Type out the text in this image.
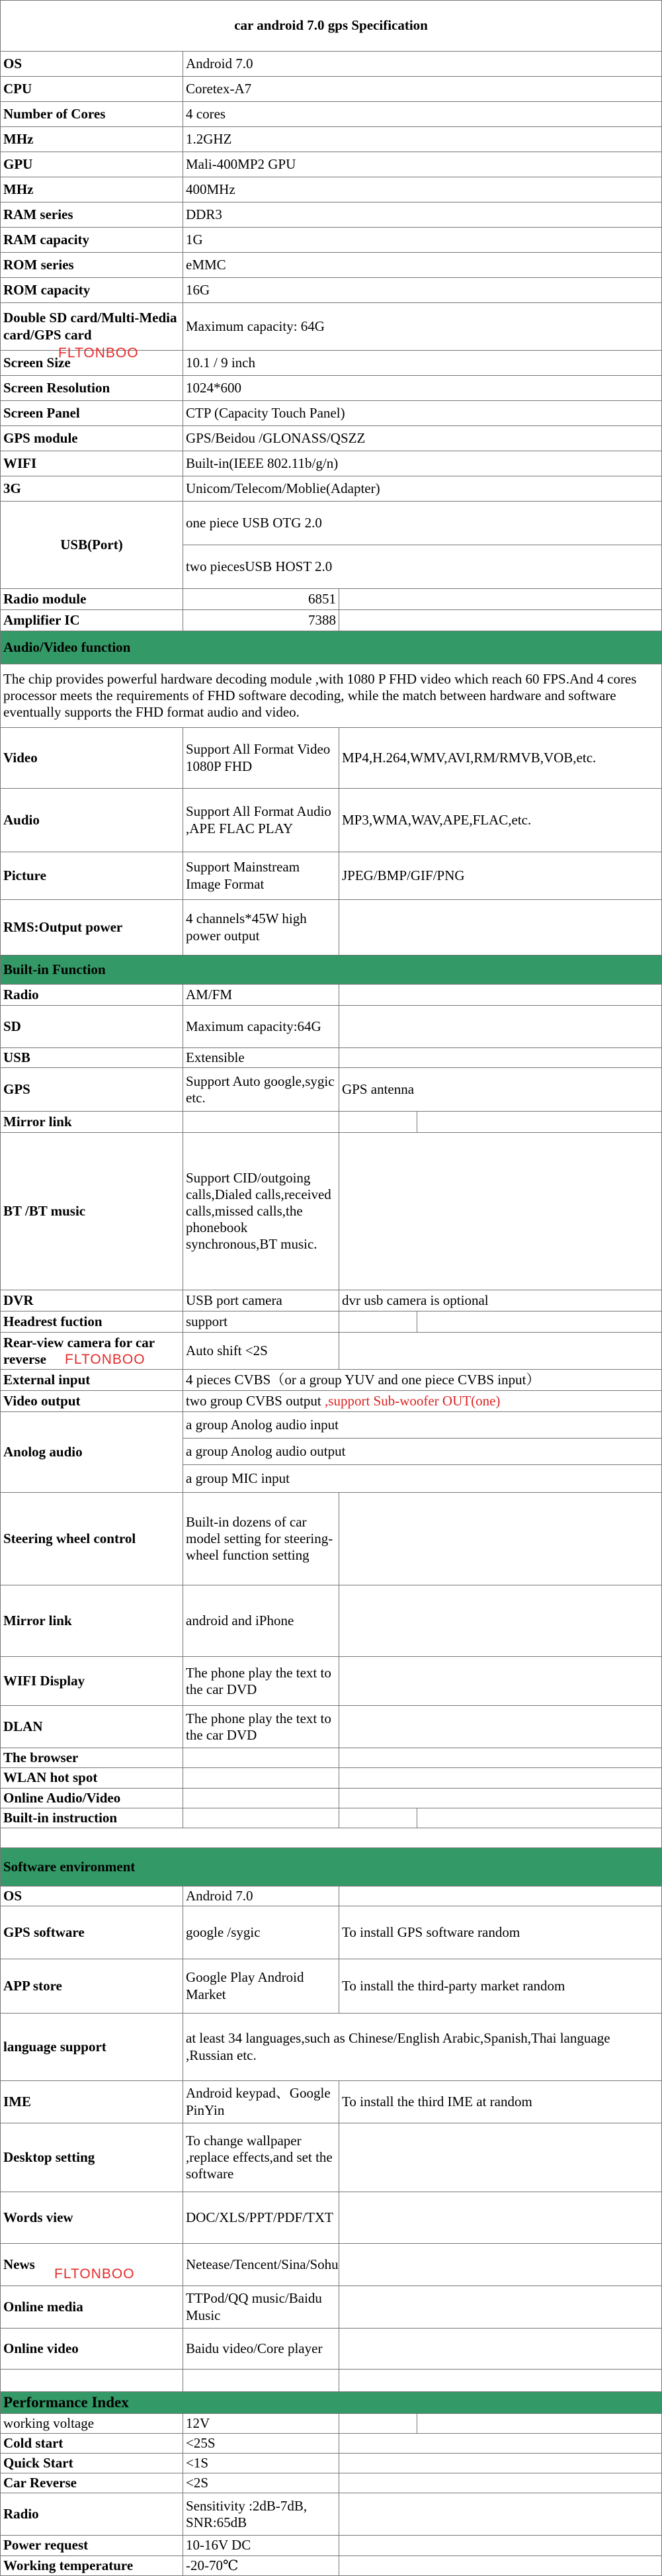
car android 7.0 gps Specification			
OS	Android 7.0		
CPU	Coretex-A7		
Number of Cores	4 cores		
MHz	1.2GHZ		
GPU	Mali-400MP2 GPU		
MHz	400MHz		
RAM series	DDR3		
RAM capacity	1G		
ROM series	eMMC		
ROM capacity	16G		
Double SD card/Multi-Media card/GPS card	Maximum capacity: 64G		
Screen Size	10.1 / 9 inch		
Screen Resolution	1024*600		
Screen Panel	CTP (Capacity Touch Panel)		
GPS module	GPS/Beidou /GLONASS/QSZZ		
WIFI	Built-in(IEEE 802.11b/g/n)		
3G	Unicom/Telecom/Moblie(Adapter)		
USB(Port)	one piece USB OTG 2.0		
	two piecesUSB HOST 2.0		
Radio module	6851		
Amplifier IC	7388		
Audio/Video function			
The chip provides powerful hardware decoding module ,with 1080 P FHD video which reach 60 FPS.And 4 cores processor meets the requirements of FHD software decoding, while the match between hardware and software eventually supports the FHD format audio and video.			
Video	Support All Format Video 1080P FHD	MP4,H.264,WMV,AVI,RM/RMVB,VOB,etc.	
Audio	Support All Format Audio ,APE FLAC PLAY	MP3,WMA,WAV,APE,FLAC,etc.	
Picture	Support Mainstream Image Format	JPEG/BMP/GIF/PNG	
RMS:Output power	4 channels*45W high power output		
Built-in Function			
Radio	AM/FM		
SD	Maximum capacity:64G		
USB	Extensible		
GPS	Support Auto google,sygic etc.	GPS antenna	
Mirror link			
BT /BT music	Support CID/outgoing calls,Dialed calls,received calls,missed calls,the phonebook synchronous,BT music.		
DVR	USB port camera	dvr usb camera is optional	
Headrest fuction	support		
Rear-view camera for car reverse	Auto shift <2S		
External input	4 pieces CVBS（or a group YUV and one piece CVBS input）		
Video output	two group CVBS output ,support Sub-woofer OUT(one)		
Anolog audio	a group Anolog audio input		
	a group Anolog audio output		
	a group MIC input		
Steering wheel control	Built-in dozens of car model setting for steering-wheel function setting		
Mirror link	android and iPhone		
WIFI Display	The phone play the text to the car DVD		
DLAN	The phone play the text to the car DVD		
The browser			
WLAN hot spot			
Online Audio/Video			
Built-in instruction			

Software environment			
OS	Android 7.0		
GPS software	google /sygic	To install GPS software random	
APP store	Google Play Android Market	To install the third-party market random	
language support	at least 34 languages,such as Chinese/English Arabic,Spanish,Thai language ,Russian etc.		
IME	Android keypad、Google PinYin	To install the third IME at random	
Desktop setting	To change wallpaper ,replace effects,and set the software		
Words view	DOC/XLS/PPT/PDF/TXT		
News	Netease/Tencent/Sina/Sohu		
Online media	TTPod/QQ music/Baidu Music		
Online video	Baidu video/Core player		

Performance Index			
working voltage	12V		
Cold start	<25S		
Quick Start	<1S		
Car Reverse	<2S		
Radio	Sensitivity :2dB-7dB, SNR:65dB		
Power request	10-16V DC		
Working temperature	-20-70℃		
FLTONBOO
FLTONBOO
FLTONBOO
